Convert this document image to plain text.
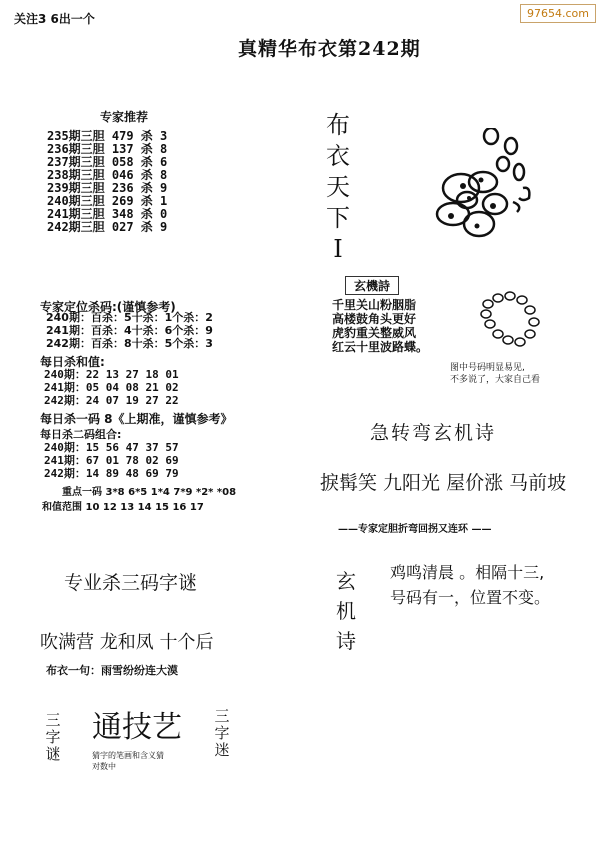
关注3 6出一个	97654.com
真精华布衣第242期
专家推荐
235期三胆 479 杀 3
236期三胆 137 杀 8
237期三胆 058 杀 6
238期三胆 046 杀 8
239期三胆 236 杀 9
240期三胆 269 杀 1
241期三胆 348 杀 0
242期三胆 027 杀 9
专家定位杀码:(谨慎参考)
240期：百杀：5十杀：1个杀：2
241期：百杀：4十杀：6个杀：9
242期：百杀：8十杀：5个杀：3
每日杀和值:
240期：22 13 27 18 01
241期：05 04 08 21 02
242期：24 07 19 27 22
每日杀一码 8《上期准，谨慎参考》
每日杀二码组合:
240期：15 56 47 37 57
241期：67 01 78 02 69
242期：14 89 48 69 79
重点一码 3*8 6*5 1*4 7*9 *2* *08
和值范围 10 12 13 14 15 16 17
专业杀三码字谜
吹满营 龙和凤 十个后
布衣一句：雨雪纷纷连大漠
三字谜
通技艺 三字迷
猜字的笔画和含义猜
对数中
布
衣
天
下
Ⅰ
玄機詩
千里关山粉胭脂
高楼鼓角头更好
虎豹重关整威风
红云十里波路蝶。
图中号码明显易见,
不多说了，大家自己看
急转弯玄机诗
捩髯笑 九阳光 屋价涨 马前坡
——专家定胆折弯回拐又连环 ——
玄
机
诗
鸡鸣清晨 。相隔十三,
号码有一，位置不变。
